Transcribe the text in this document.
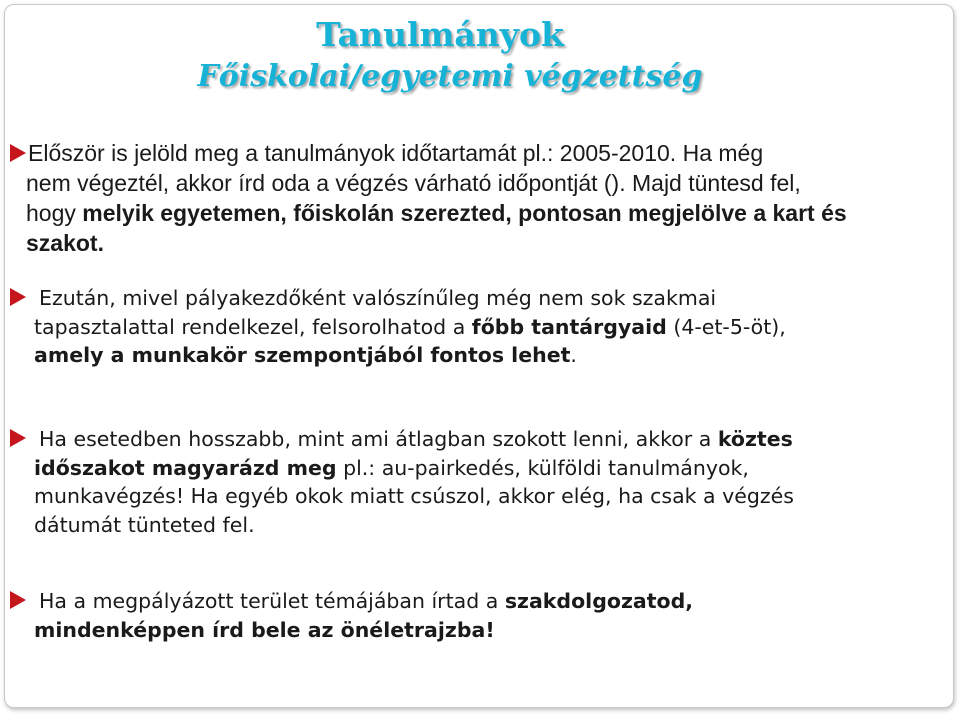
Tanulmányok
Főiskolai/egyetemi végzettség
Először is jelöld meg a tanulmányok időtartamát pl.: 2005-2010. Ha még
nem végeztél, akkor írd oda a végzés várható időpontját (). Majd tüntesd fel,
hogy melyik egyetemen, főiskolán szerezted, pontosan megjelölve a kart és
szakot.
Ezután, mivel pályakezdőként valószínűleg még nem sok szakmai
tapasztalattal rendelkezel, felsorolhatod a főbb tantárgyaid (4-et-5-öt),
amely a munkakör szempontjából fontos lehet.
Ha esetedben hosszabb, mint ami átlagban szokott lenni, akkor a köztes
időszakot magyarázd meg pl.: au-pairkedés, külföldi tanulmányok,
munkavégzés! Ha egyéb okok miatt csúszol, akkor elég, ha csak a végzés
dátumát tünteted fel.
Ha a megpályázott terület témájában írtad a szakdolgozatod,
mindenképpen írd bele az önéletrajzba!
